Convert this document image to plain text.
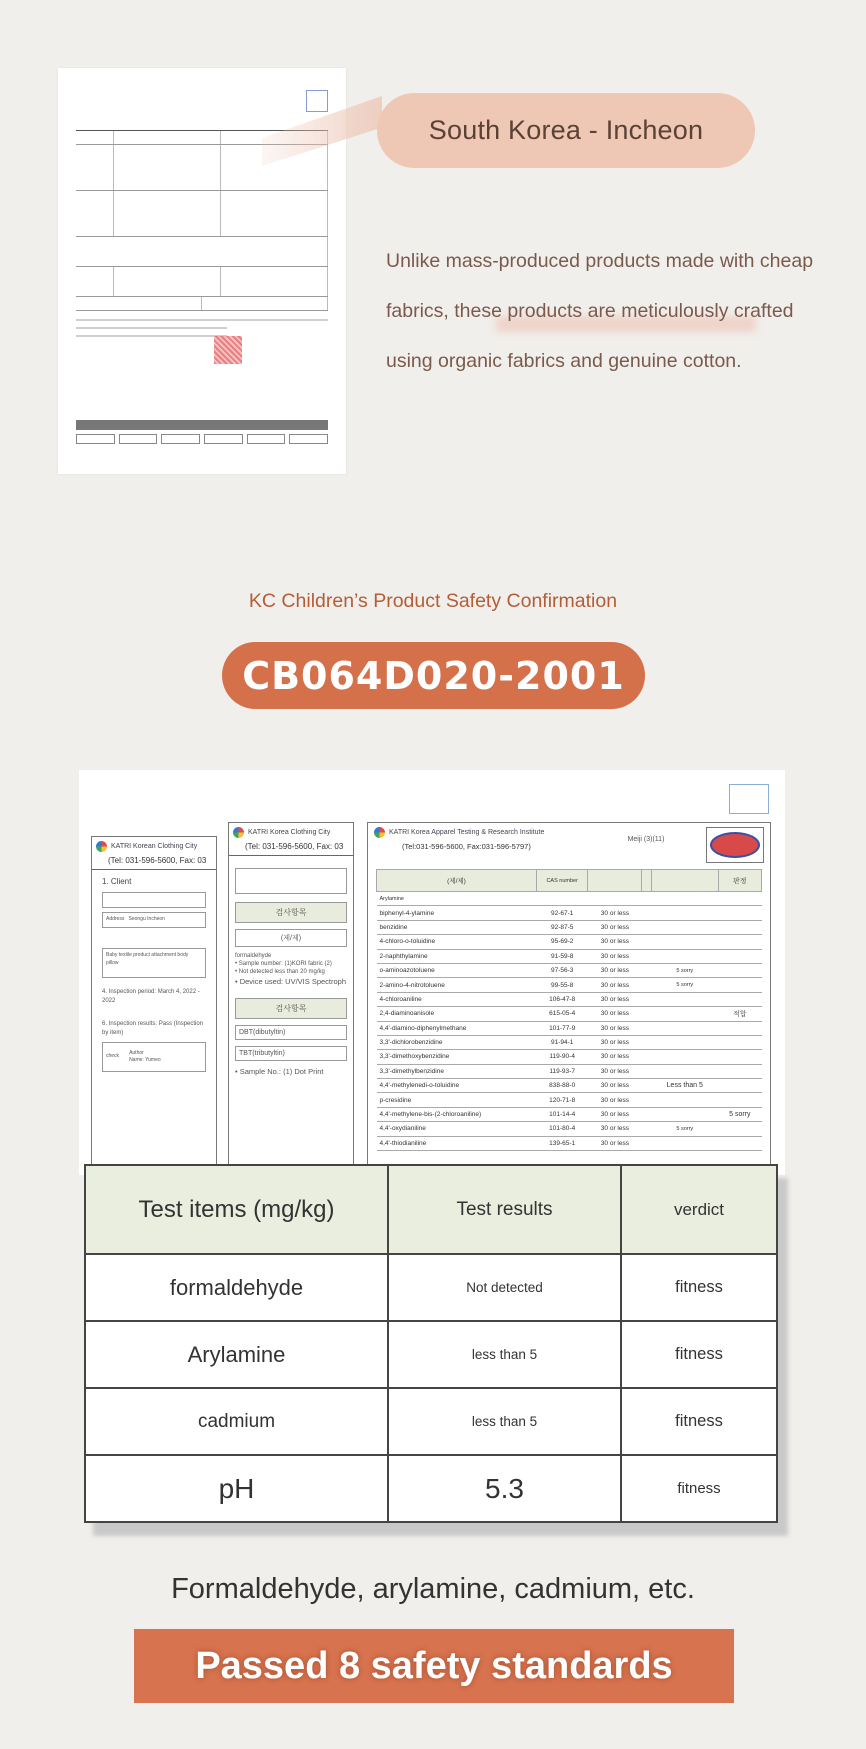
South Korea - Incheon
Unlike mass-produced products made with cheap
fabrics, these products are meticulously crafted
using organic fabrics and genuine cotton.
KC Children’s Product Safety Confirmation
CB064D020-2001
KATRI Korean Clothing City
(Tel: 031-596-5600, Fax: 03
1. Client
Address Seongu Incheon
Baby textile product attachment body pillow
4. Inspection period: March 4, 2022 - 2022
6. Inspection results: Pass (Inspection by item)
check
Author
Name: Yumeo
KATRI Korea Clothing City
(Tel: 031-596-5600, Fax: 03
검사항목
(제/제)
formaldehyde
• Sample number: (1)KORI fabric (2)
• Not detected less than 20 mg/kg
• Device used: UV/VIS Spectroph
검사항목
DBT(dibutyltin)
TBT(tributyltin)
• Sample No.: (1) Dot Print
KATRI Korea Apparel Testing & Research Institute
(Tel:031-596-5600, Fax:031-596-5797)
Meiji (3)(11)
(제/제)	CAS number				판정
Arylamine					
biphenyl-4-ylamine	92-67-1	30 or less			
benzidine	92-87-5	30 or less			
4-chloro-o-toluidine	95-69-2	30 or less			
2-naphthylamine	91-59-8	30 or less			
o-aminoazotoluene	97-56-3	30 or less		5 sorry	
2-amino-4-nitrotoluene	99-55-8	30 or less		5 sorry	
4-chloroaniline	106-47-8	30 or less			
2,4-diaminoanisole	615-05-4	30 or less			적합
4,4'-diamino-diphenylmethane	101-77-9	30 or less			
3,3'-dichlorobenzidine	91-94-1	30 or less			
3,3'-dimethoxybenzidine	119-90-4	30 or less			
3,3'-dimethylbenzidine	119-93-7	30 or less			
4,4'-methylenedi-o-toluidine	838-88-0	30 or less		Less than 5	
p-cresidine	120-71-8	30 or less			
4,4'-methylene-bis-(2-chloroaniline)	101-14-4	30 or less			5 sorry
4,4'-oxydianiline	101-80-4	30 or less		5 sorry	
4,4'-thiodianiline	139-65-1	30 or less			
Test items (mg/kg)	Test results	verdict
formaldehyde	Not detected	fitness
Arylamine	less than 5	fitness
cadmium	less than 5	fitness
pH	5.3	fitness
Formaldehyde, arylamine, cadmium, etc.
Passed 8 safety standards
